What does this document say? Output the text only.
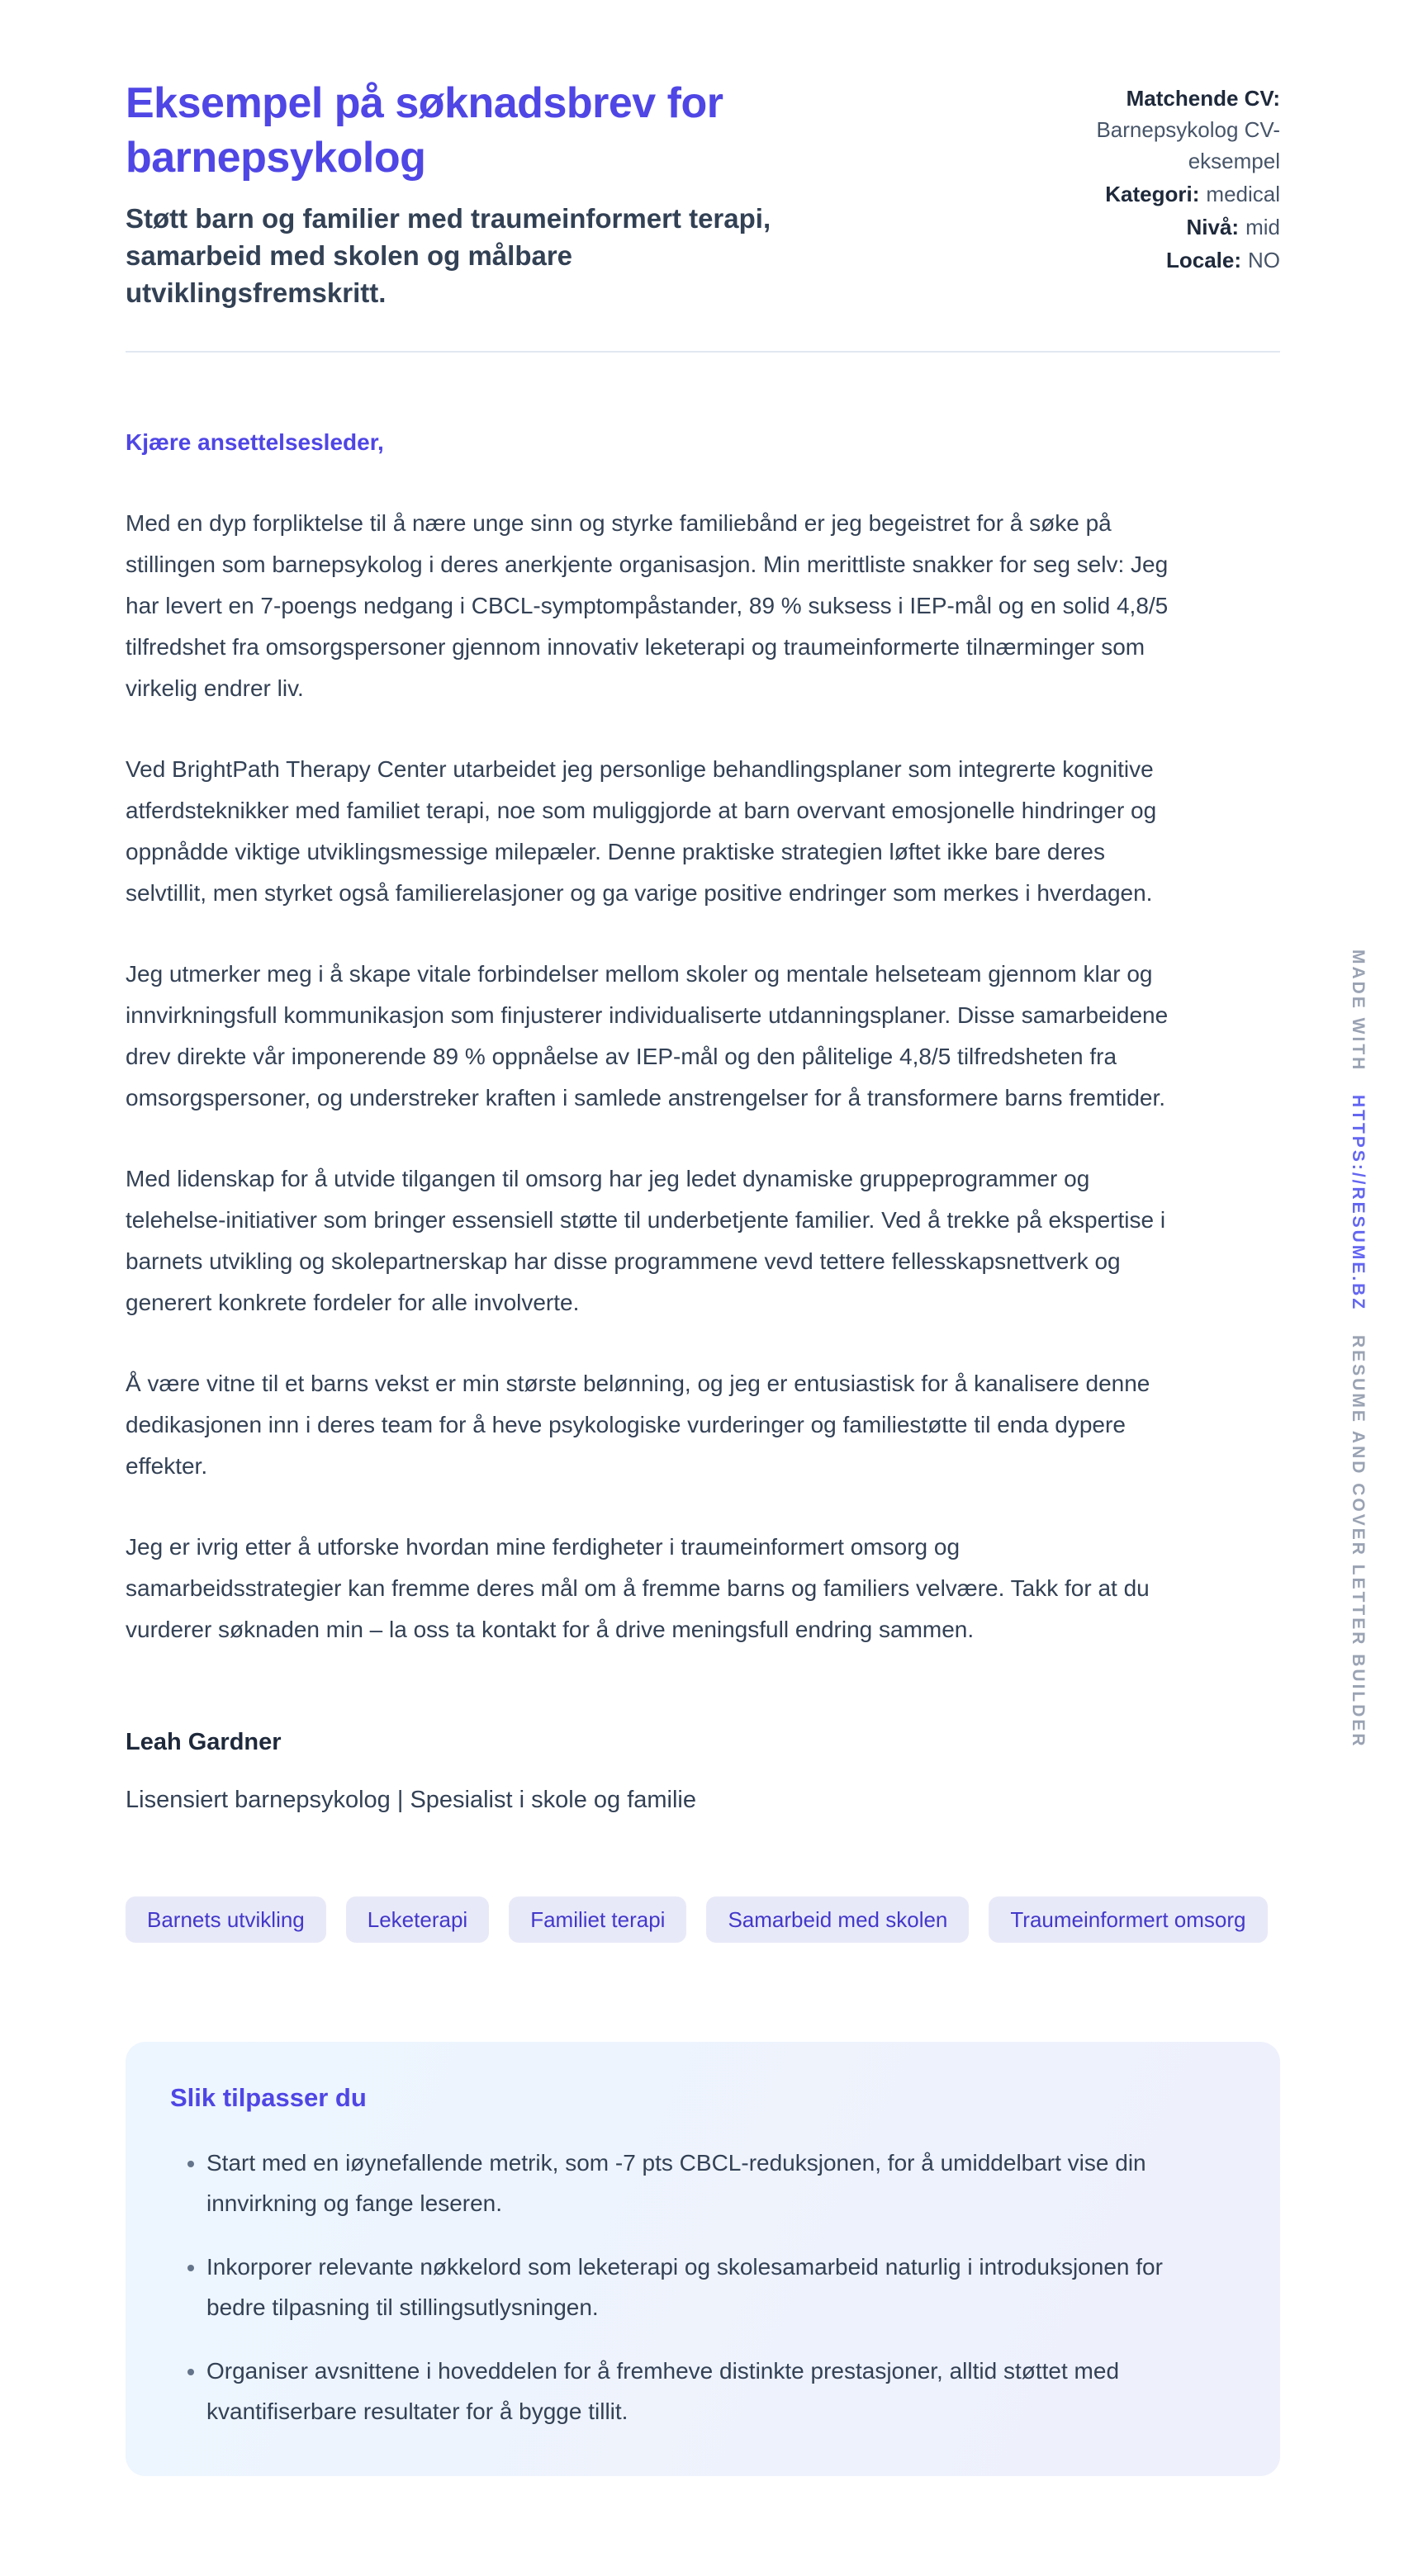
Eksempel på søknadsbrev for barnepsykolog

Støtt barn og familier med traumeinformert terapi, samarbeid med skolen og målbare utviklingsfremskritt.

Matchende CV:
Barnepsykolog CV-eksempel
Kategori: medical
Nivå: mid
Locale: NO

Kjære ansettelsesleder,

Med en dyp forpliktelse til å nære unge sinn og styrke familiebånd er jeg begeistret for å søke på stillingen som barnepsykolog i deres anerkjente organisasjon. Min merittliste snakker for seg selv: Jeg har levert en 7-poengs nedgang i CBCL-symptompåstander, 89 % suksess i IEP-mål og en solid 4,8/5 tilfredshet fra omsorgspersoner gjennom innovativ leketerapi og traumeinformerte tilnærminger som virkelig endrer liv.

Ved BrightPath Therapy Center utarbeidet jeg personlige behandlingsplaner som integrerte kognitive atferdsteknikker med familiet terapi, noe som muliggjorde at barn overvant emosjonelle hindringer og oppnådde viktige utviklingsmessige milepæler. Denne praktiske strategien løftet ikke bare deres selvtillit, men styrket også familierelasjoner og ga varige positive endringer som merkes i hverdagen.

Jeg utmerker meg i å skape vitale forbindelser mellom skoler og mentale helseteam gjennom klar og innvirkningsfull kommunikasjon som finjusterer individualiserte utdanningsplaner. Disse samarbeidene drev direkte vår imponerende 89 % oppnåelse av IEP-mål og den pålitelige 4,8/5 tilfredsheten fra omsorgspersoner, og understreker kraften i samlede anstrengelser for å transformere barns fremtider.

Med lidenskap for å utvide tilgangen til omsorg har jeg ledet dynamiske gruppeprogrammer og telehelse-initiativer som bringer essensiell støtte til underbetjente familier. Ved å trekke på ekspertise i barnets utvikling og skolepartnerskap har disse programmene vevd tettere fellesskapsnettverk og generert konkrete fordeler for alle involverte.

Å være vitne til et barns vekst er min største belønning, og jeg er entusiastisk for å kanalisere denne dedikasjonen inn i deres team for å heve psykologiske vurderinger og familiestøtte til enda dypere effekter.

Jeg er ivrig etter å utforske hvordan mine ferdigheter i traumeinformert omsorg og samarbeidsstrategier kan fremme deres mål om å fremme barns og familiers velvære. Takk for at du vurderer søknaden min – la oss ta kontakt for å drive meningsfull endring sammen.

Leah Gardner

Lisensiert barnepsykolog | Spesialist i skole og familie

Barnets utvikling	Leketerapi	Familiet terapi	Samarbeid med skolen	Traumeinformert omsorg
Slik tilpasser du
• Start med en iøynefallende metrik, som -7 pts CBCL-reduksjonen, for å umiddelbart vise din innvirkning og fange leseren.
• Inkorporer relevante nøkkelord som leketerapi og skolesamarbeid naturlig i introduksjonen for bedre tilpasning til stillingsutlysningen.
• Organiser avsnittene i hoveddelen for å fremheve distinkte prestasjoner, alltid støttet med kvantifiserbare resultater for å bygge tillit.
MADE WITH
HTTPS://RESUME.BZ
RESUME AND COVER LETTER BUILDER
